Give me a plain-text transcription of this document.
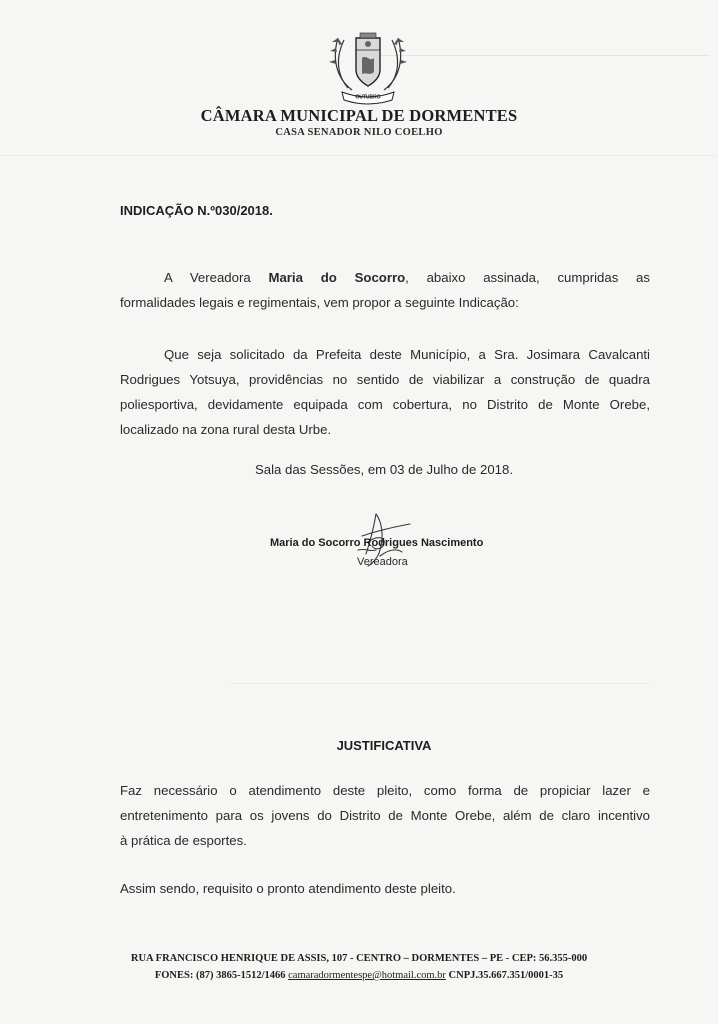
OUTUBRO
CÂMARA MUNICIPAL DE DORMENTES
CASA SENADOR NILO COELHO
INDICAÇÃO N.º030/2018.
A Vereadora Maria do Socorro, abaixo assinada, cumpridas as
formalidades legais e regimentais, vem propor a seguinte Indicação:
Que seja solicitado da Prefeita deste Município, a Sra. Josimara Cavalcanti
Rodrigues Yotsuya, providências no sentido de viabilizar a construção de quadra
poliesportiva, devidamente equipada com cobertura, no Distrito de Monte Orebe,
localizado na zona rural desta Urbe.
Sala das Sessões, em 03 de Julho de 2018.
Maria do Socorro Rodrigues Nascimento
Vereadora
JUSTIFICATIVA
Faz necessário o atendimento deste pleito, como forma de propiciar lazer e
entretenimento para os jovens do Distrito de Monte Orebe, além de claro incentivo
à prática de esportes.
Assim sendo, requisito o pronto atendimento deste pleito.
RUA FRANCISCO HENRIQUE DE ASSIS, 107 - CENTRO – DORMENTES – PE - CEP: 56.355-000
FONES: (87) 3865-1512/1466 camaradormentespe@hotmail.com.br CNPJ.35.667.351/0001-35
